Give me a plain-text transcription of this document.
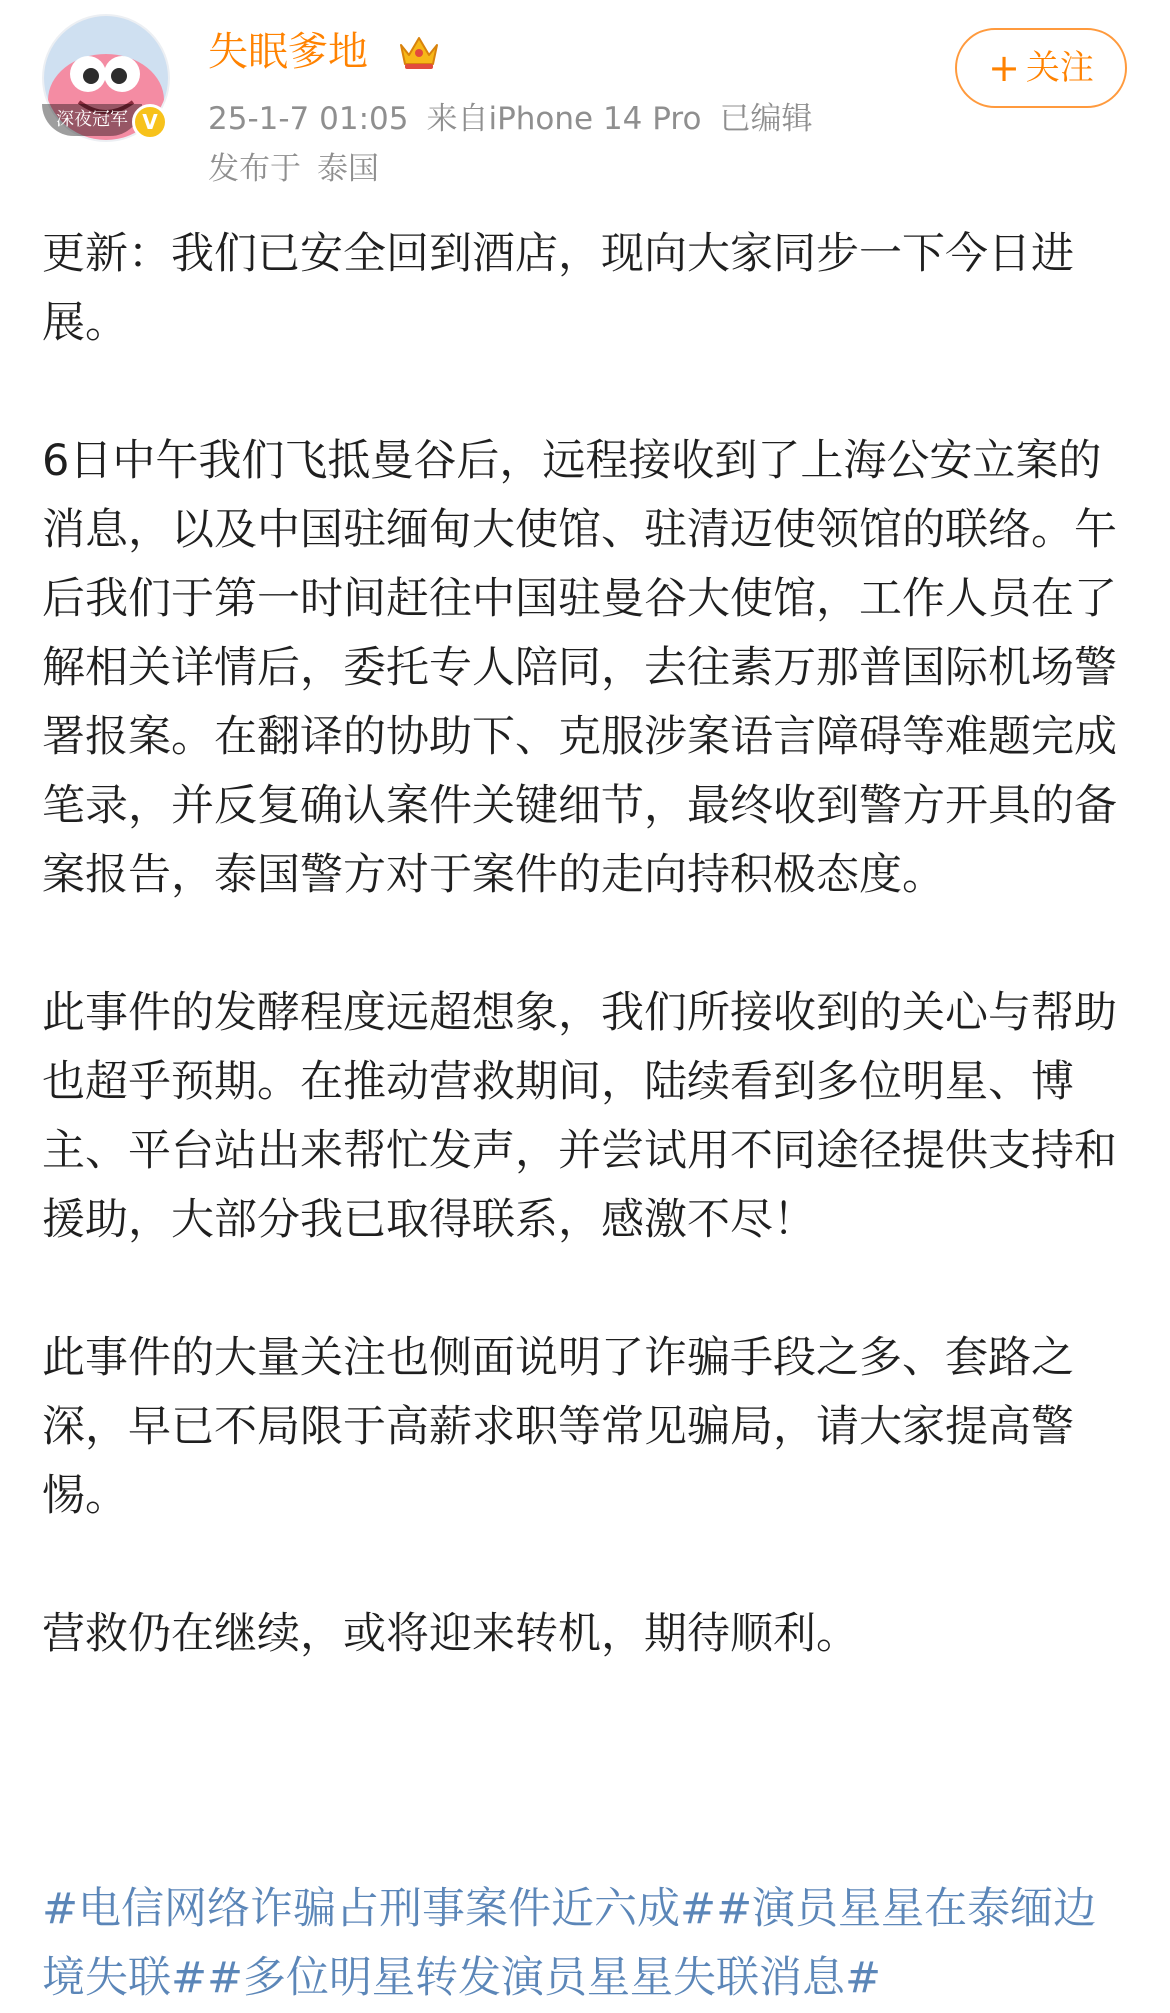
深夜冠军 V
失眠爹地
25-1-7 01:05 来自iPhone 14 Pro 已编辑
发布于 泰国
+ 关注

更新：我们已安全回到酒店，现向大家同步一下今日进展。

6日中午我们飞抵曼谷后，远程接收到了上海公安立案的消息，以及中国驻缅甸大使馆、驻清迈使领馆的联络。午后我们于第一时间赶往中国驻曼谷大使馆，工作人员在了解相关详情后，委托专人陪同，去往素万那普国际机场警署报案。在翻译的协助下、克服涉案语言障碍等难题完成笔录，并反复确认案件关键细节，最终收到警方开具的备案报告，泰国警方对于案件的走向持积极态度。

此事件的发酵程度远超想象，我们所接收到的关心与帮助也超乎预期。在推动营救期间，陆续看到多位明星、博主、平台站出来帮忙发声，并尝试用不同途径提供支持和援助，大部分我已取得联系，感激不尽！

此事件的大量关注也侧面说明了诈骗手段之多、套路之深，早已不局限于高薪求职等常见骗局，请大家提高警惕。

营救仍在继续，或将迎来转机，期待顺利。

#电信网络诈骗占刑事案件近六成##演员星星在泰缅边境失联##多位明星转发演员星星失联消息#
